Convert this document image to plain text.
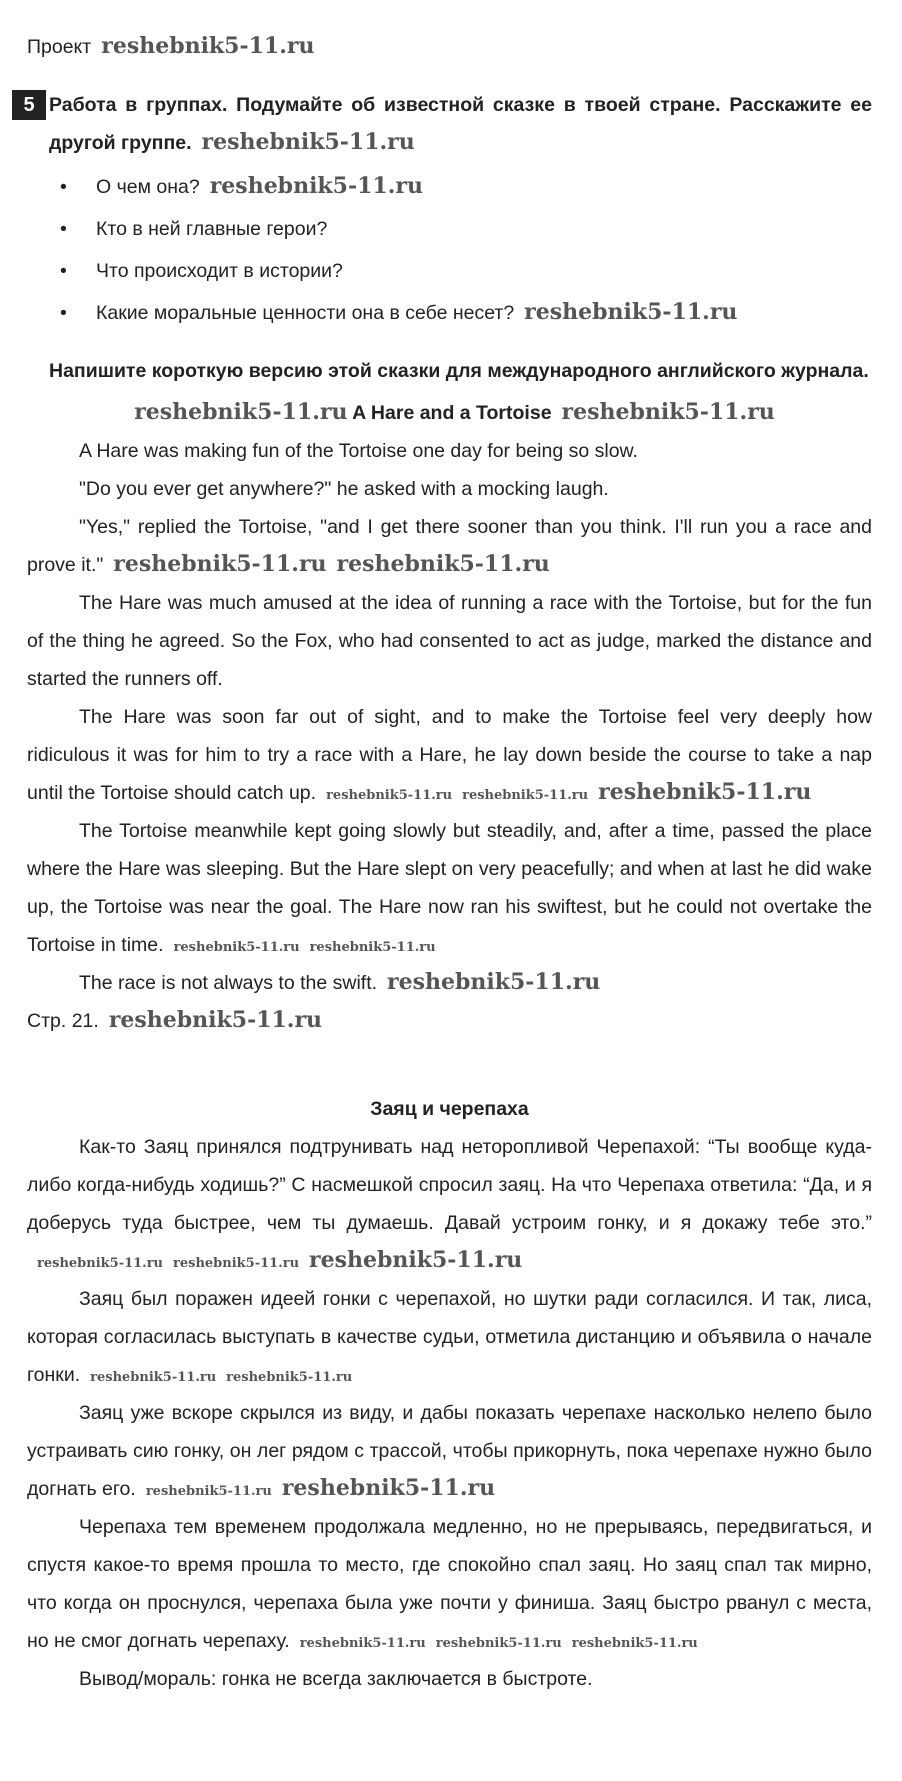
Проект reshebnik5-11.ru

5 Работа в группах. Подумайте об известной сказке в твоей стране. Расскажите ее другой группе. reshebnik5-11.ru

• О чем она? reshebnik5-11.ru
• Кто в ней главные герои?
• Что происходит в истории?
• Какие моральные ценности она в себе несет? reshebnik5-11.ru

Напишите короткую версию этой сказки для международного английского журнала.

reshebnik5-11.ru A Hare and a Tortoise reshebnik5-11.ru

A Hare was making fun of the Tortoise one day for being so slow.

"Do you ever get anywhere?" he asked with a mocking laugh.

"Yes," replied the Tortoise, "and I get there sooner than you think. I'll run you a race and prove it." reshebnik5-11.ru reshebnik5-11.ru

The Hare was much amused at the idea of running a race with the Tortoise, but for the fun of the thing he agreed. So the Fox, who had consented to act as judge, marked the distance and started the runners off.

The Hare was soon far out of sight, and to make the Tortoise feel very deeply how ridiculous it was for him to try a race with a Hare, he lay down beside the course to take a nap until the Tortoise should catch up. reshebnik5-11.ru reshebnik5-11.ru reshebnik5-11.ru

The Tortoise meanwhile kept going slowly but steadily, and, after a time, passed the place where the Hare was sleeping. But the Hare slept on very peacefully; and when at last he did wake up, the Tortoise was near the goal. The Hare now ran his swiftest, but he could not overtake the Tortoise in time. reshebnik5-11.ru reshebnik5-11.ru

The race is not always to the swift. reshebnik5-11.ru

Стр. 21. reshebnik5-11.ru

Заяц и черепаха

Как-то Заяц принялся подтрунивать над неторопливой Черепахой: “Ты вообще куда-либо когда-нибудь ходишь?” С насмешкой спросил заяц. На что Черепаха ответила: “Да, и я доберусь туда быстрее, чем ты думаешь. Давай устроим гонку, и я докажу тебе это.”reshebnik5-11.ru reshebnik5-11.ru reshebnik5-11.ru

Заяц был поражен идеей гонки с черепахой, но шутки ради согласился. И так, лиса, которая согласилась выступать в качестве судьи, отметила дистанцию и объявила о начале гонки. reshebnik5-11.ru reshebnik5-11.ru

Заяц уже вскоре скрылся из виду, и дабы показать черепахе насколько нелепо было устраивать сию гонку, он лег рядом с трассой, чтобы прикорнуть, пока черепахе нужно было догнать его. reshebnik5-11.ru reshebnik5-11.ru

Черепаха тем временем продолжала медленно, но не прерываясь, передвигаться, и спустя какое-то время прошла то место, где спокойно спал заяц. Но заяц спал так мирно, что когда он проснулся, черепаха была уже почти у финиша. Заяц быстро рванул с места, но не смог догнать черепаху. reshebnik5-11.ru reshebnik5-11.ru reshebnik5-11.ru

Вывод/мораль: гонка не всегда заключается в быстроте.
